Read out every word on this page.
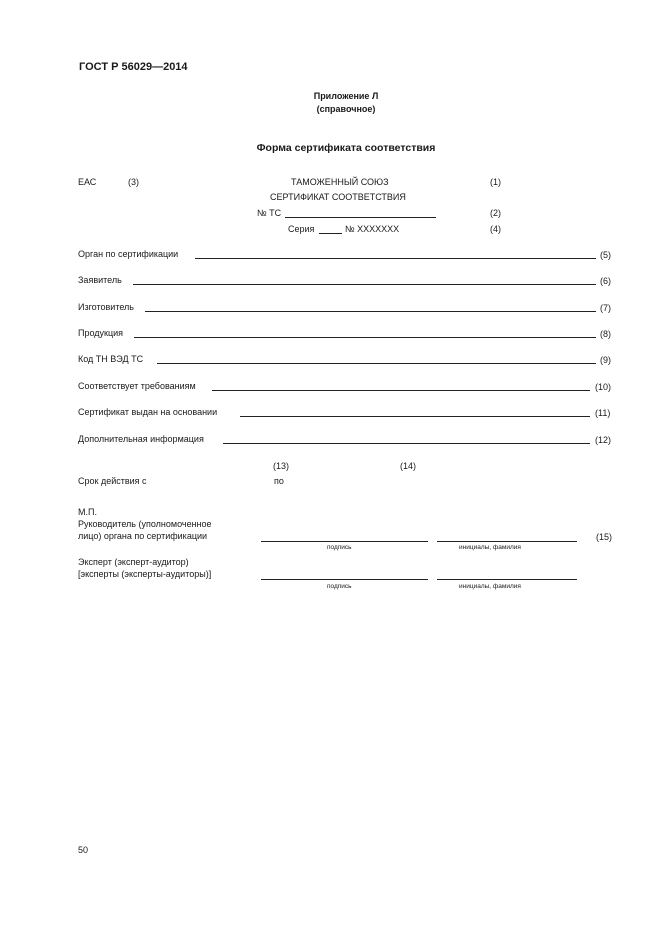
ГОСТ Р 56029—2014
Приложение Л
(справочное)
Форма сертификата соответствия
ЕАС	(3)	ТАМОЖЕННЫЙ СОЮЗ	(1)
СЕРТИФИКАТ СООТВЕТСТВИЯ
№ ТС	(2)
Серия	№ ХХХХХХХ	(4)
Орган по сертификации	(5)
Заявитель	(6)
Изготовитель	(7)
Продукция	(8)
Код ТН ВЭД ТС	(9)
Соответствует требованиям	(10)
Сертификат выдан на основании	(11)
Дополнительная информация	(12)
(13)	(14)
Срок действия с	по
М.П.
Руководитель (уполномоченное
лицо) органа по сертификации	(15)
подпись	инициалы, фамилия
Эксперт (эксперт-аудитор)
[эксперты (эксперты-аудиторы)]
подпись	инициалы, фамилия
50
